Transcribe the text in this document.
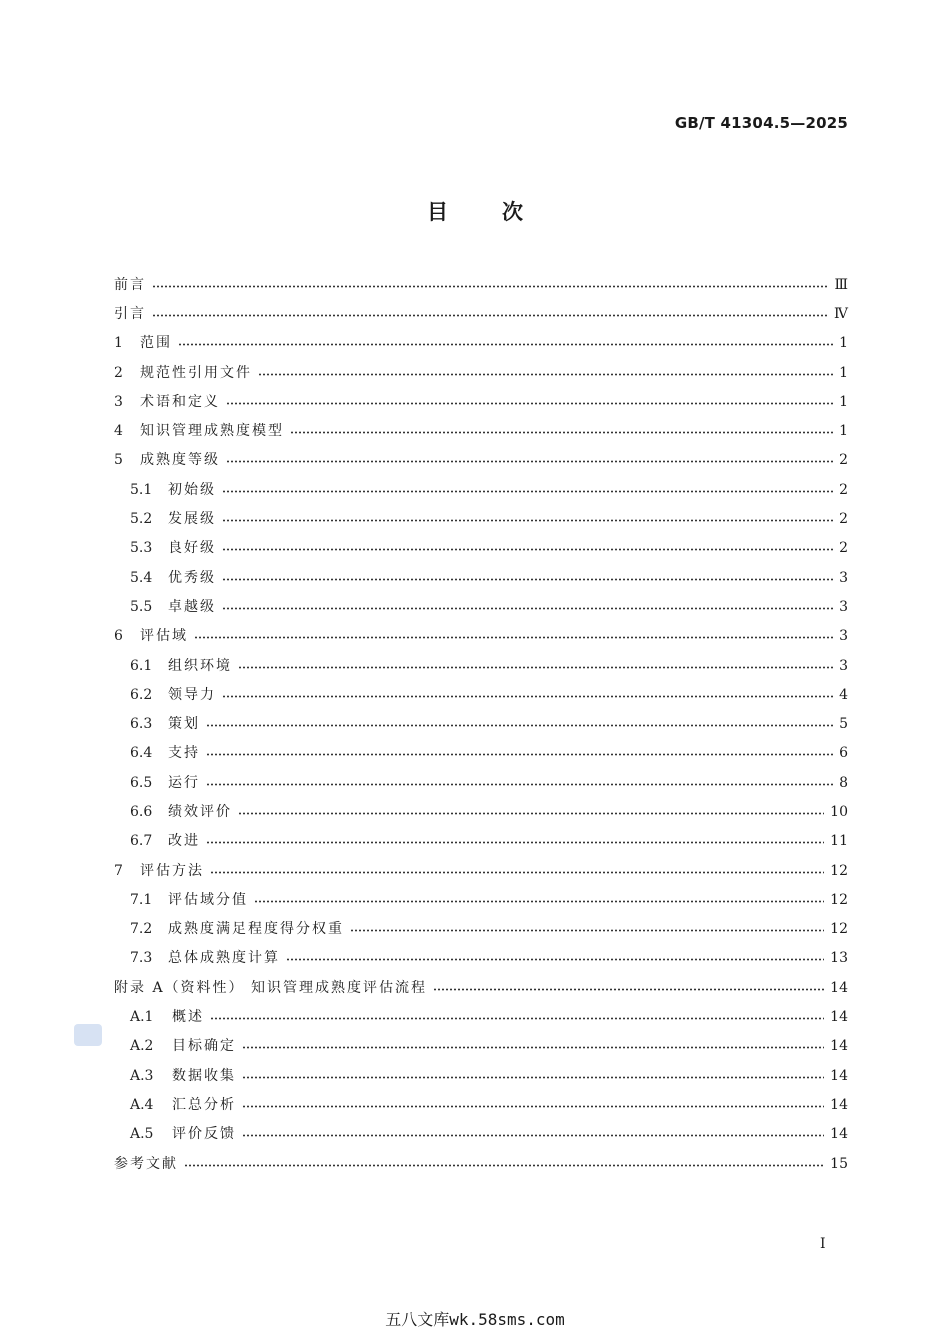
GB/T 41304.5—2025
目	次
前言	Ⅲ
引言	Ⅳ
1	范围	1
2	规范性引用文件	1
3	术语和定义	1
4	知识管理成熟度模型	1
5	成熟度等级	2
5.1	初始级	2
5.2	发展级	2
5.3	良好级	2
5.4	优秀级	3
5.5	卓越级	3
6	评估域	3
6.1	组织环境	3
6.2	领导力	4
6.3	策划	5
6.4	支持	6
6.5	运行	8
6.6	绩效评价	10
6.7	改进	11
7	评估方法	12
7.1	评估域分值	12
7.2	成熟度满足程度得分权重	12
7.3	总体成熟度计算	13
附录 A（资料性） 知识管理成熟度评估流程	14
A.1	概述	14
A.2	目标确定	14
A.3	数据收集	14
A.4	汇总分析	14
A.5	评价反馈	14
参考文献	15
I
五八文库wk.58sms.com
